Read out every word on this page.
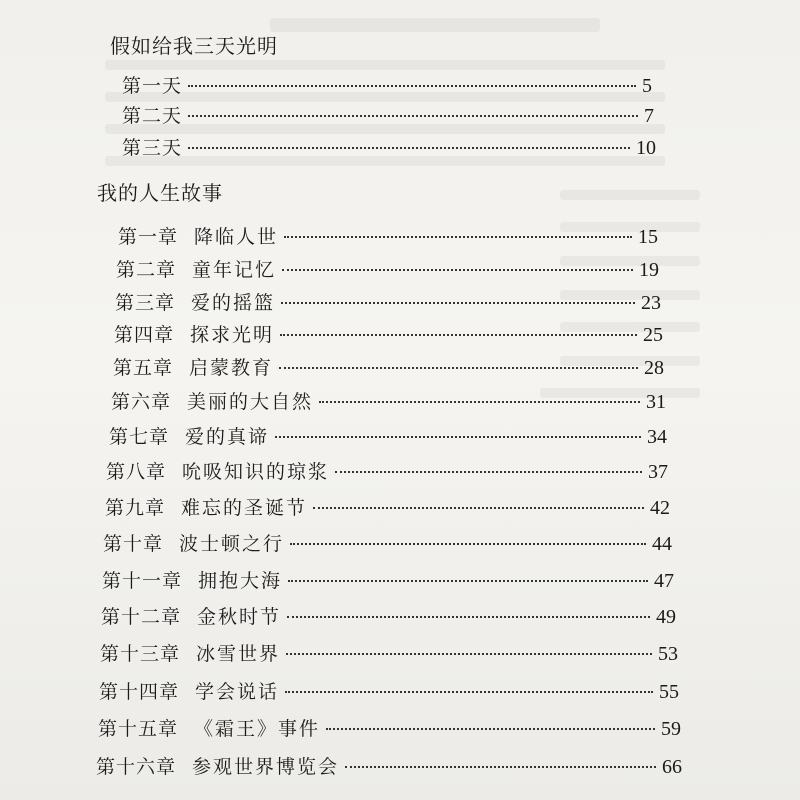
假如给我三天光明
第一天	5
第二天	7
第三天	10
我的人生故事
第一章 降临人世	15
第二章 童年记忆	19
第三章 爱的摇篮	23
第四章 探求光明	25
第五章 启蒙教育	28
第六章 美丽的大自然	31
第七章 爱的真谛	34
第八章 吮吸知识的琼浆	37
第九章 难忘的圣诞节	42
第十章 波士顿之行	44
第十一章 拥抱大海	47
第十二章 金秋时节	49
第十三章 冰雪世界	53
第十四章 学会说话	55
第十五章 《霜王》事件	59
第十六章 参观世界博览会	66
